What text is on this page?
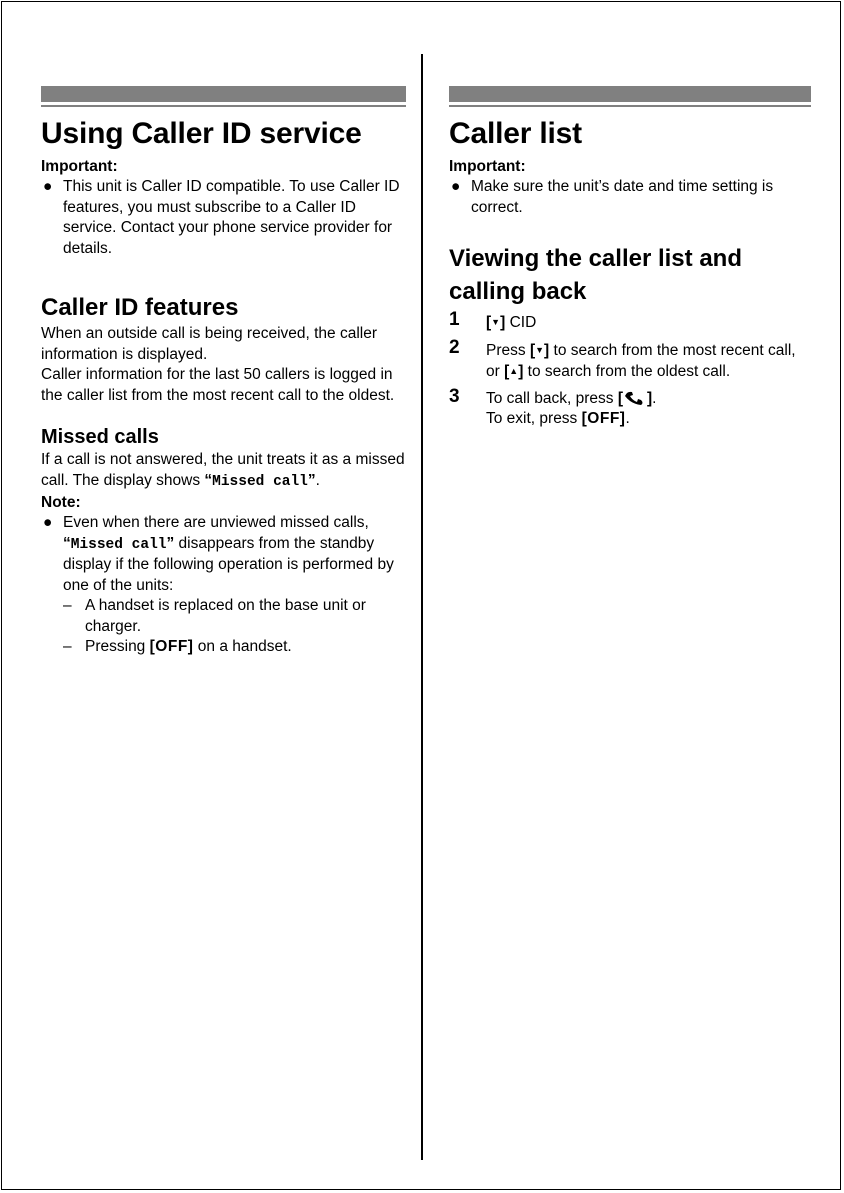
Using Caller ID service
Important:
● This unit is Caller ID compatible. To use Caller ID features, you must subscribe to a Caller ID service. Contact your phone service provider for details.
Caller ID features

When an outside call is being received, the caller information is displayed.

Caller information for the last 50 callers is logged in the caller list from the most recent call to the oldest.

Missed calls

If a call is not answered, the unit treats it as a missed call. The display shows “Missed call”.

Note:
● Even when there are unviewed missed calls, “Missed call” disappears from the standby display if the following operation is performed by one of the units:
– A handset is replaced on the base unit or charger.
– Pressing [OFF] on a handset.
Caller list
Important:
● Make sure the unit’s date and time setting is correct.
Viewing the caller list and calling back
1 [▼] CID
2 Press [▼] to search from the most recent call, or [▲] to search from the oldest call.
3 To call back, press [ ].
To exit, press [OFF].
